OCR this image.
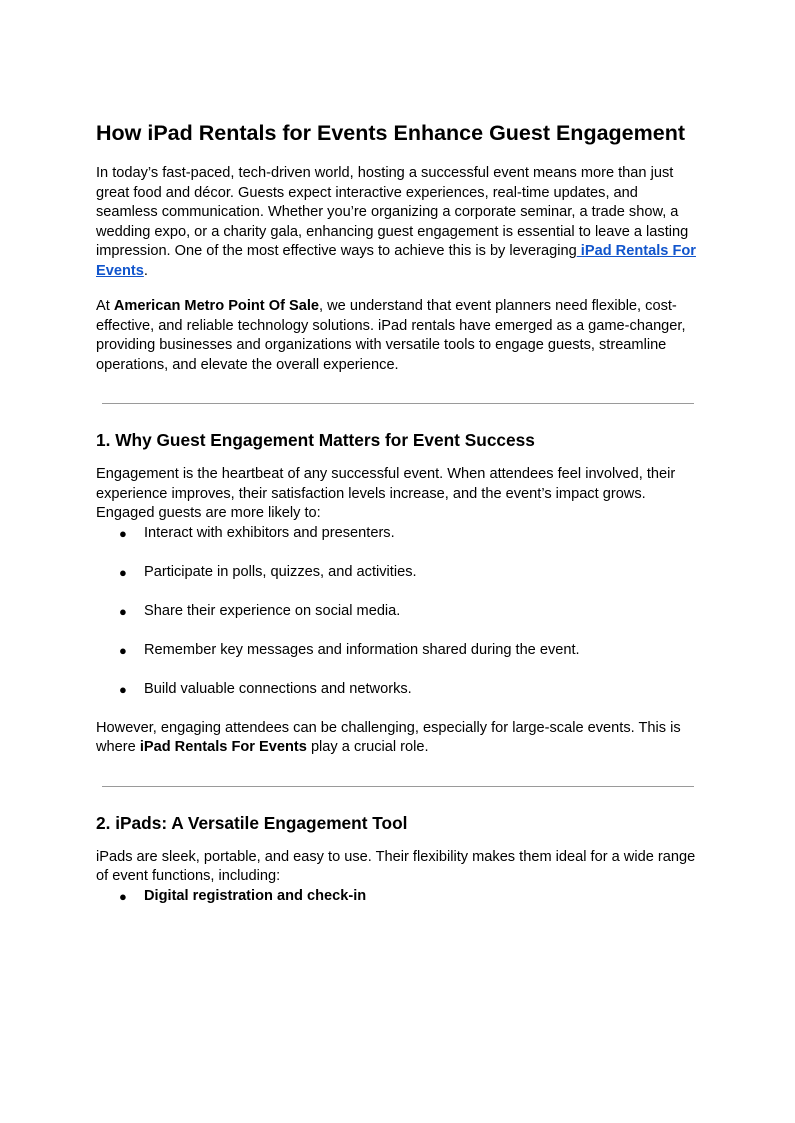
How iPad Rentals for Events Enhance Guest Engagement

In today’s fast-paced, tech-driven world, hosting a successful event means more than just great food and décor. Guests expect interactive experiences, real-time updates, and seamless communication. Whether you’re organizing a corporate seminar, a trade show, a wedding expo, or a charity gala, enhancing guest engagement is essential to leave a lasting impression. One of the most effective ways to achieve this is by leveraging iPad Rentals For Events.

At American Metro Point Of Sale, we understand that event planners need flexible, cost-effective, and reliable technology solutions. iPad rentals have emerged as a game-changer, providing businesses and organizations with versatile tools to engage guests, streamline operations, and elevate the overall experience.

1. Why Guest Engagement Matters for Event Success

Engagement is the heartbeat of any successful event. When attendees feel involved, their experience improves, their satisfaction levels increase, and the event’s impact grows. Engaged guests are more likely to:

● Interact with exhibitors and presenters.
● Participate in polls, quizzes, and activities.
● Share their experience on social media.
● Remember key messages and information shared during the event.
● Build valuable connections and networks.

However, engaging attendees can be challenging, especially for large-scale events. This is where iPad Rentals For Events play a crucial role.

2. iPads: A Versatile Engagement Tool

iPads are sleek, portable, and easy to use. Their flexibility makes them ideal for a wide range of event functions, including:

● Digital registration and check-in
